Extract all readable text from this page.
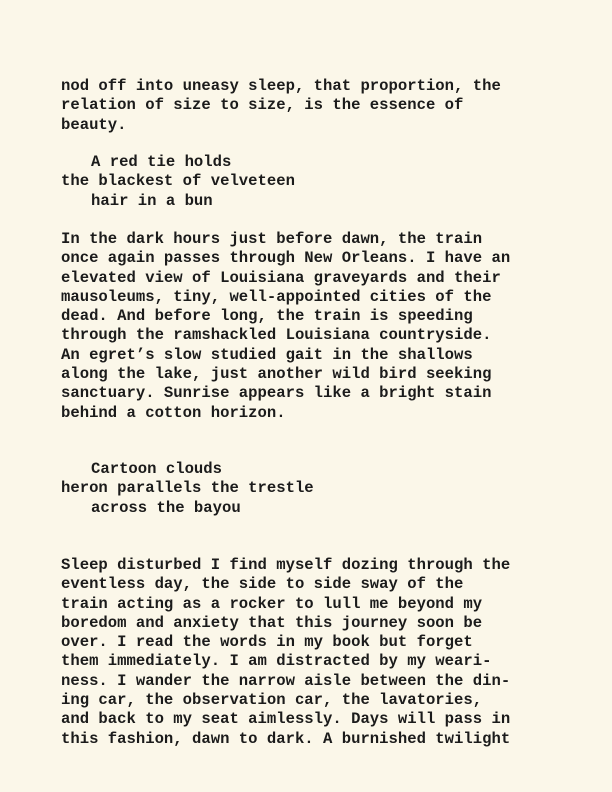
nod off into uneasy sleep, that proportion, the
relation of size to size, is the essence of
beauty.
A red tie holds
the blackest of velveteen
hair in a bun
In the dark hours just before dawn, the train
once again passes through New Orleans. I have an
elevated view of Louisiana graveyards and their
mausoleums, tiny, well-appointed cities of the
dead. And before long, the train is speeding
through the ramshackled Louisiana countryside.
An egret’s slow studied gait in the shallows
along the lake, just another wild bird seeking
sanctuary. Sunrise appears like a bright stain
behind a cotton horizon.
Cartoon clouds
heron parallels the trestle
across the bayou
Sleep disturbed I find myself dozing through the
eventless day, the side to side sway of the
train acting as a rocker to lull me beyond my
boredom and anxiety that this journey soon be
over. I read the words in my book but forget
them immediately. I am distracted by my weari-
ness. I wander the narrow aisle between the din-
ing car, the observation car, the lavatories,
and back to my seat aimlessly. Days will pass in
this fashion, dawn to dark. A burnished twilight
